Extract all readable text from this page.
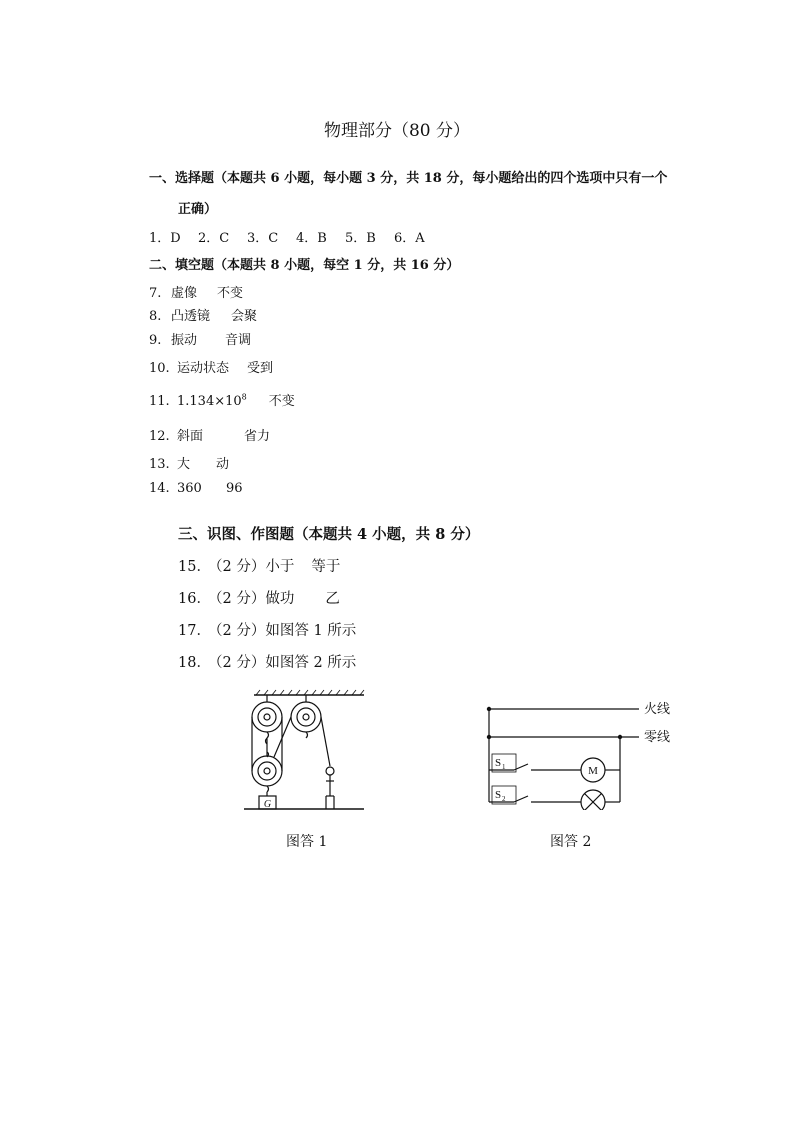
物理部分（80 分）
一、选择题（本题共 6 小题，每小题 3 分，共 18 分，每小题给出的四个选项中只有一个
正确）
1．D 2．C 3．C 4．B 5．B 6．A
二、填空题（本题共 8 小题，每空 1 分，共 16 分）
7. 虚像 不变
8. 凸透镜 会聚
9. 振动 音调
10. 运动状态 受到
11. $1.134\times 10^8$ 不变
12. 斜面	省力
13. 大 动
14. 360 96
三、识图、作图题（本题共 4 小题，共 8 分）
15．（2 分）小于 等于
16．（2 分）做功 乙
17．（2 分）如图答 1 所示
18．（2 分）如图答 2 所示
G
图答 1
S 1
S 2
M
火线
零线
图答 2
